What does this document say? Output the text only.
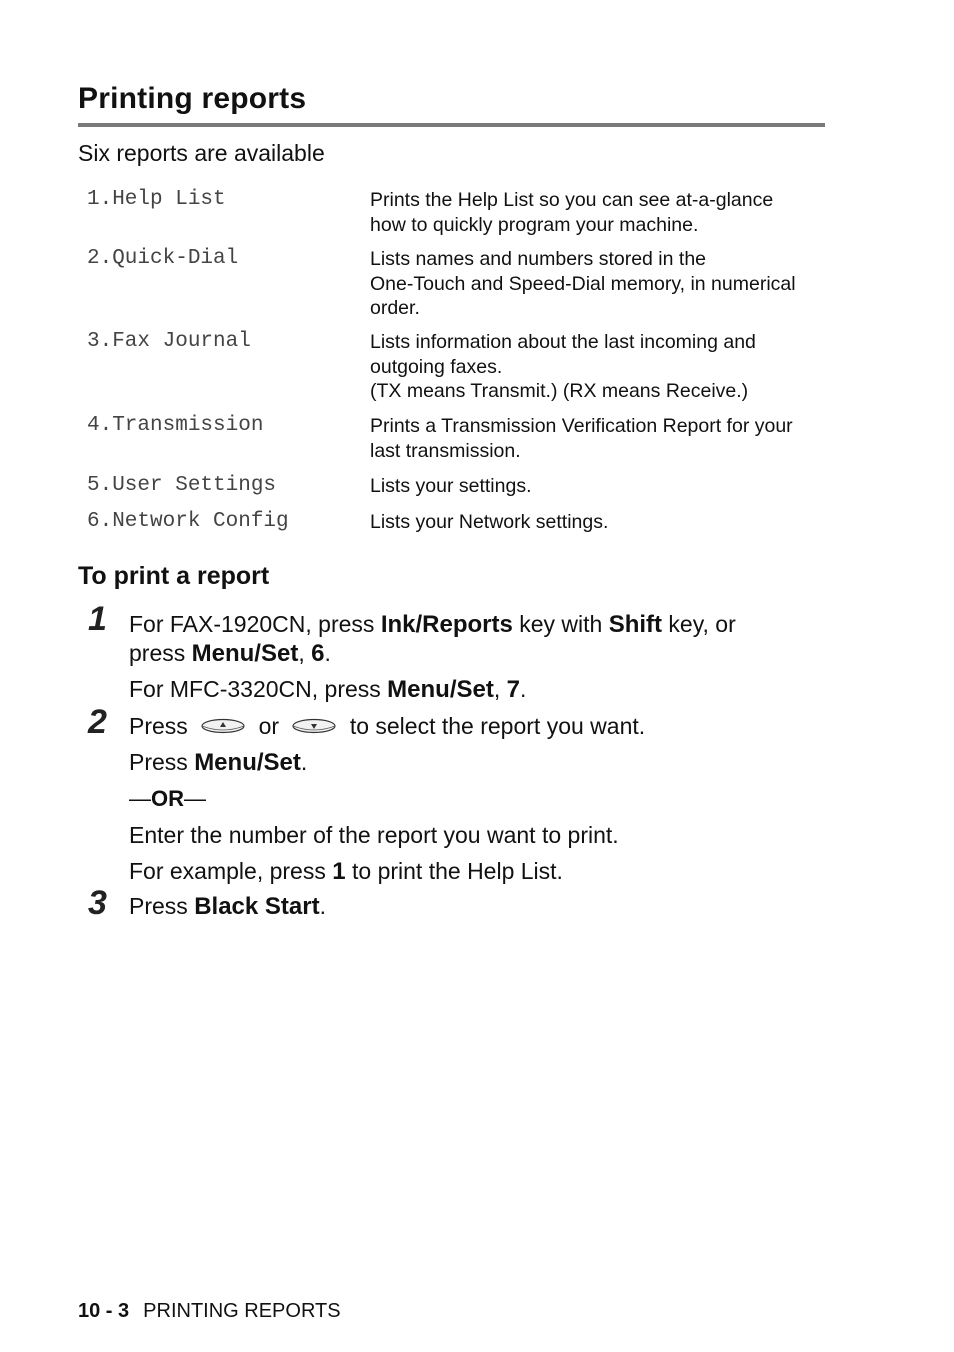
Printing reports
Six reports are available
1.Help List	Prints the Help List so you can see at-a-glance
how to quickly program your machine.
2.Quick-Dial	Lists names and numbers stored in the
One-Touch and Speed-Dial memory, in numerical
order.
3.Fax Journal	Lists information about the last incoming and
outgoing faxes.
(TX means Transmit.) (RX means Receive.)
4.Transmission	Prints a Transmission Verification Report for your
last transmission.
5.User Settings	Lists your settings.
6.Network Config	Lists your Network settings.
To print a report
1 For FAX-1920CN, press Ink/Reports key with Shift key, or
press Menu/Set, 6.
For MFC-3320CN, press Menu/Set, 7.
2 Press	or	to select the report you want.
Press Menu/Set.
—OR—
Enter the number of the report you want to print.
For example, press 1 to print the Help List.
3 Press Black Start.
10 - 3 PRINTING REPORTS
